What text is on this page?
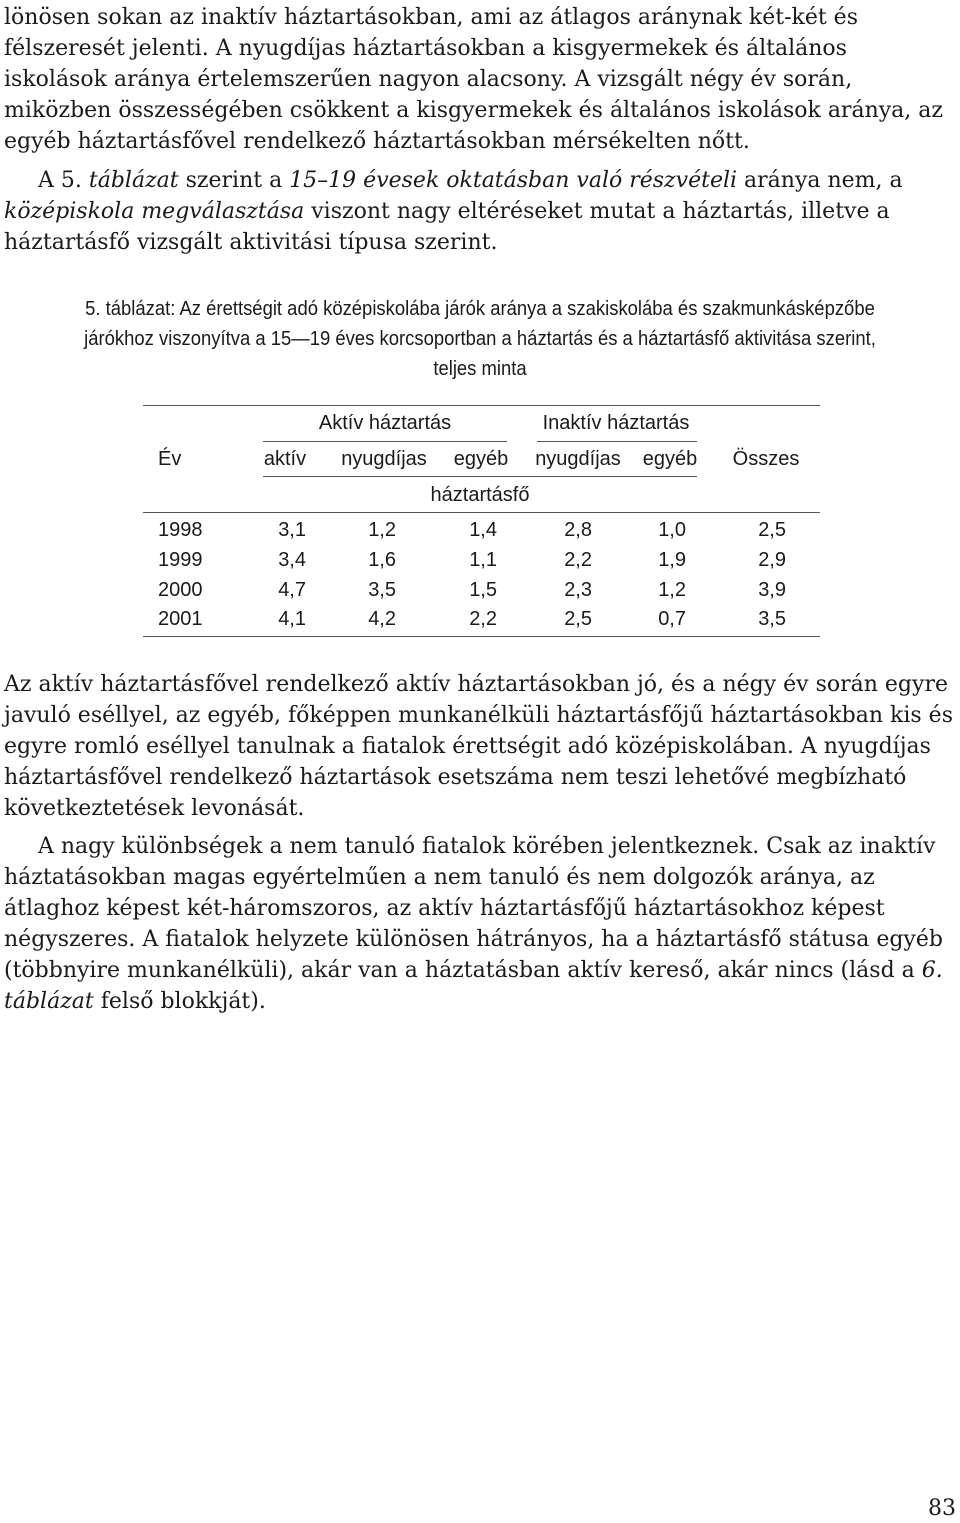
lönösen sokan az inaktív háztartásokban, ami az átlagos aránynak két-két és félszeresét jelenti. A nyugdíjas háztartásokban a kisgyermekek és általános iskolások aránya értelemszerűen nagyon alacsony. A vizsgált négy év során, miközben összességében csökkent a kisgyermekek és általános iskolások aránya, az egyéb háztartásfővel rendelkező háztartásokban mérsékelten nőtt.

A 5. táblázat szerint a 15–19 évesek oktatásban való részvételi aránya nem, a középiskola megválasztása viszont nagy eltéréseket mutat a háztartás, illetve a háztartásfő vizsgált aktivitási típusa szerint.

5. táblázat: Az érettségit adó középiskolába járók aránya a szakiskolába és szakmunkásképzőbe
járókhoz viszonyítva a 15—19 éves korcsoportban a háztartás és a háztartásfő aktivitása szerint,
teljes minta
Aktív háztartás	Inaktív háztartás
Év	aktív nyugdíjas egyéb nyugdíjas egyéb Összes
háztartásfő
1998	3,1	1,2	1,4	2,8	1,0	2,5
1999	3,4	1,6	1,1	2,2	1,9	2,9
2000	4,7	3,5	1,5	2,3	1,2	3,9
2001	4,1	4,2	2,2	2,5	0,7	3,5

Az aktív háztartásfővel rendelkező aktív háztartásokban jó, és a négy év során egyre javuló eséllyel, az egyéb, főképpen munkanélküli háztartásfőjű háztartásokban kis és egyre romló eséllyel tanulnak a fiatalok érettségit adó középiskolában. A nyugdíjas háztartásfővel rendelkező háztartások esetszáma nem teszi lehetővé megbízható következtetések levonását.

A nagy különbségek a nem tanuló fiatalok körében jelentkeznek. Csak az inaktív háztatásokban magas egyértelműen a nem tanuló és nem dolgozók aránya, az átlaghoz képest két-háromszoros, az aktív háztartásfőjű háztartásokhoz képest négyszeres. A fiatalok helyzete különösen hátrányos, ha a háztartásfő státusa egyéb (többnyire munkanélküli), akár van a háztatásban aktív kereső, akár nincs (lásd a 6. táblázat felső blokkját).

83
